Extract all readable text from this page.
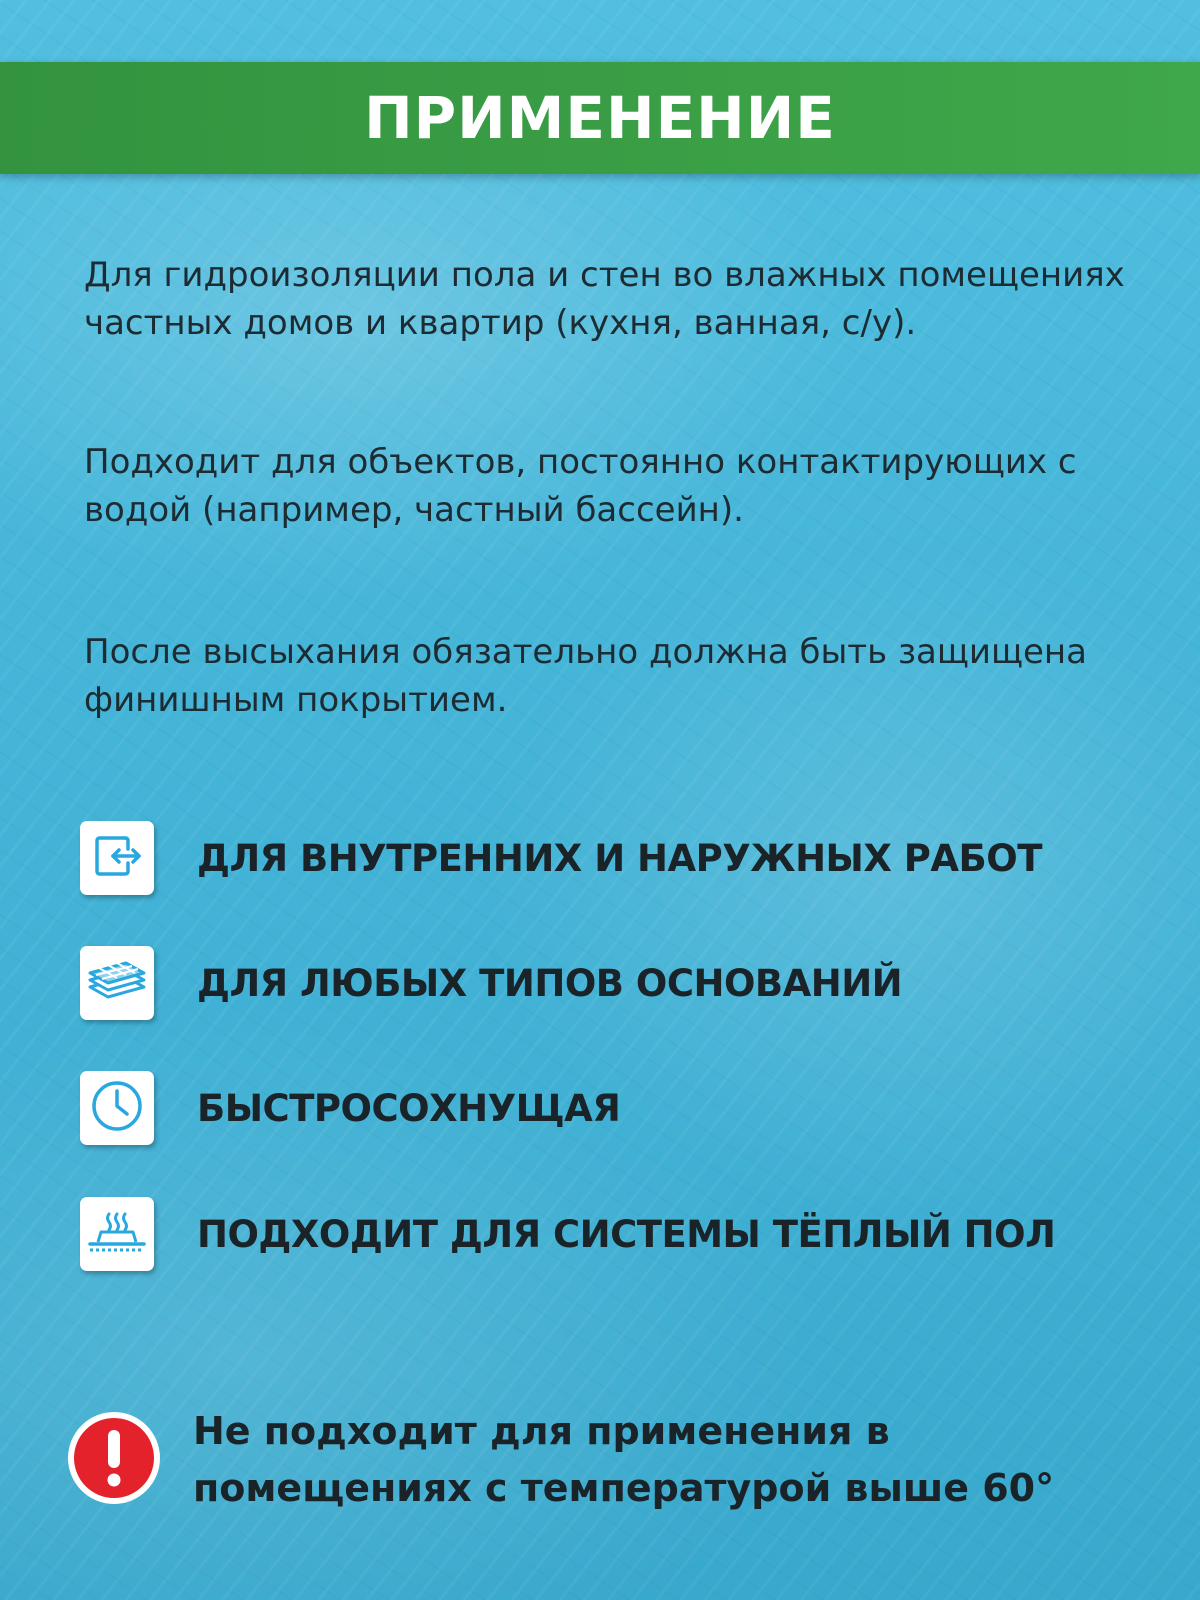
ПРИМЕНЕНИЕ
Для гидроизоляции пола и стен во влажных помещениях частных домов и квартир (кухня, ванная, с/у).
Подходит для объектов, постоянно контактирующих с водой (например, частный бассейн).
После высыхания обязательно должна быть защищена финишным покрытием.
ДЛЯ ВНУТРЕННИХ И НАРУЖНЫХ РАБОТ
ДЛЯ ЛЮБЫХ ТИПОВ ОСНОВАНИЙ
БЫСТРОСОХНУЩАЯ
ПОДХОДИТ ДЛЯ СИСТЕМЫ ТЁПЛЫЙ ПОЛ
Не подходит для применения в помещениях с температурой выше 60°
